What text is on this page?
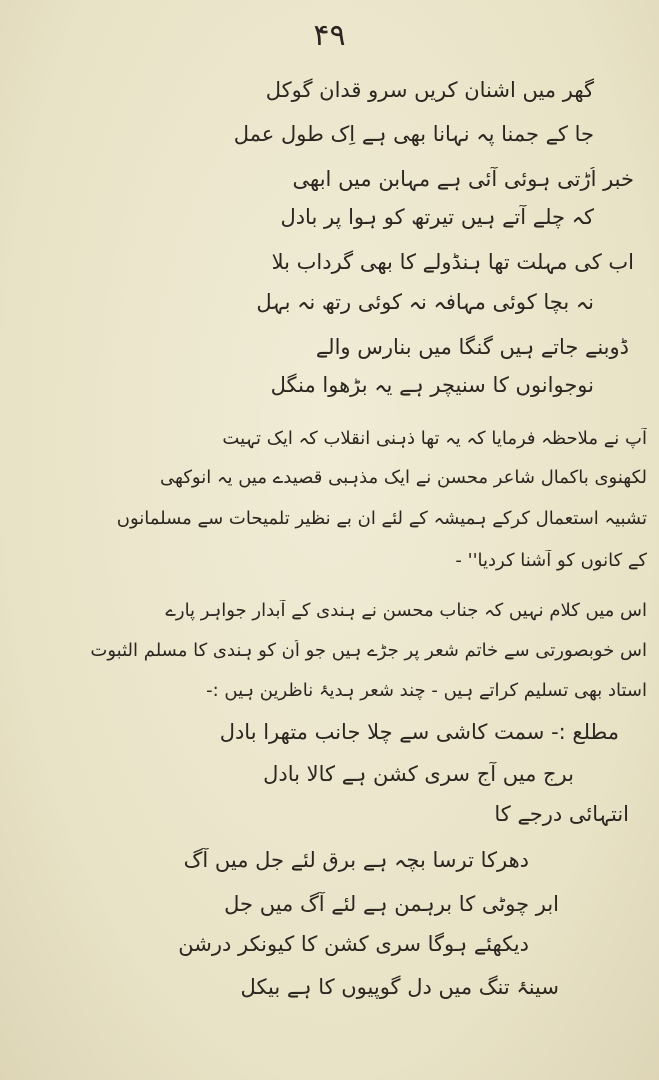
۴۹
گھر میں اشنان کریں سرو قدان گوکل
جا کے جمنا پہ نہانا بھی ہے اِک طول عمل
خبر اُڑتی ہوئی آئی ہے مہابن میں ابھی
کہ چلے آتے ہیں تیرتھ کو ہوا پر بادل
اب کی مہلت تھا ہنڈولے کا بھی گرداب بلا
نہ بچا کوئی مہافہ نہ کوئی رتھ نہ بہل
ڈوبنے جاتے ہیں گنگا میں بنارس والے
نوجوانوں کا سنیچر ہے یہ بڑھوا منگل
آپ نے ملاحظہ فرمایا کہ یہ تھا ذہنی انقلاب کہ ایک تہیت
لکھنوی باکمال شاعر محسن نے ایک مذہبی قصیدے میں یہ انوکھی
تشبیہ استعمال کرکے ہمیشہ کے لئے ان بے نظیر تلمیحات سے مسلمانوں
کے کانوں کو آشنا کردیا'' -
اس میں کلام نہیں کہ جناب محسن نے ہندی کے آبدار جواہر پارے
اس خوبصورتی سے خاتم شعر پر جڑے ہیں جو اُن کو ہندی کا مسلم الثبوت
استاد بھی تسلیم کراتے ہیں - چند شعر ہدیۂ ناظرین ہیں :-
مطلع :- سمت کاشی سے چلا جانب متھرا بادل
برج میں آج سری کشن ہے کالا بادل
انتہائی درجے کا
دھرکا ترسا بچہ ہے برق لئے جل میں آگ
ابر چوٹی کا برہمن ہے لئے آگ میں جل
دیکھئے ہوگا سری کشن کا کیونکر درشن
سینۂ تنگ میں دل گوپیوں کا ہے بیکل
